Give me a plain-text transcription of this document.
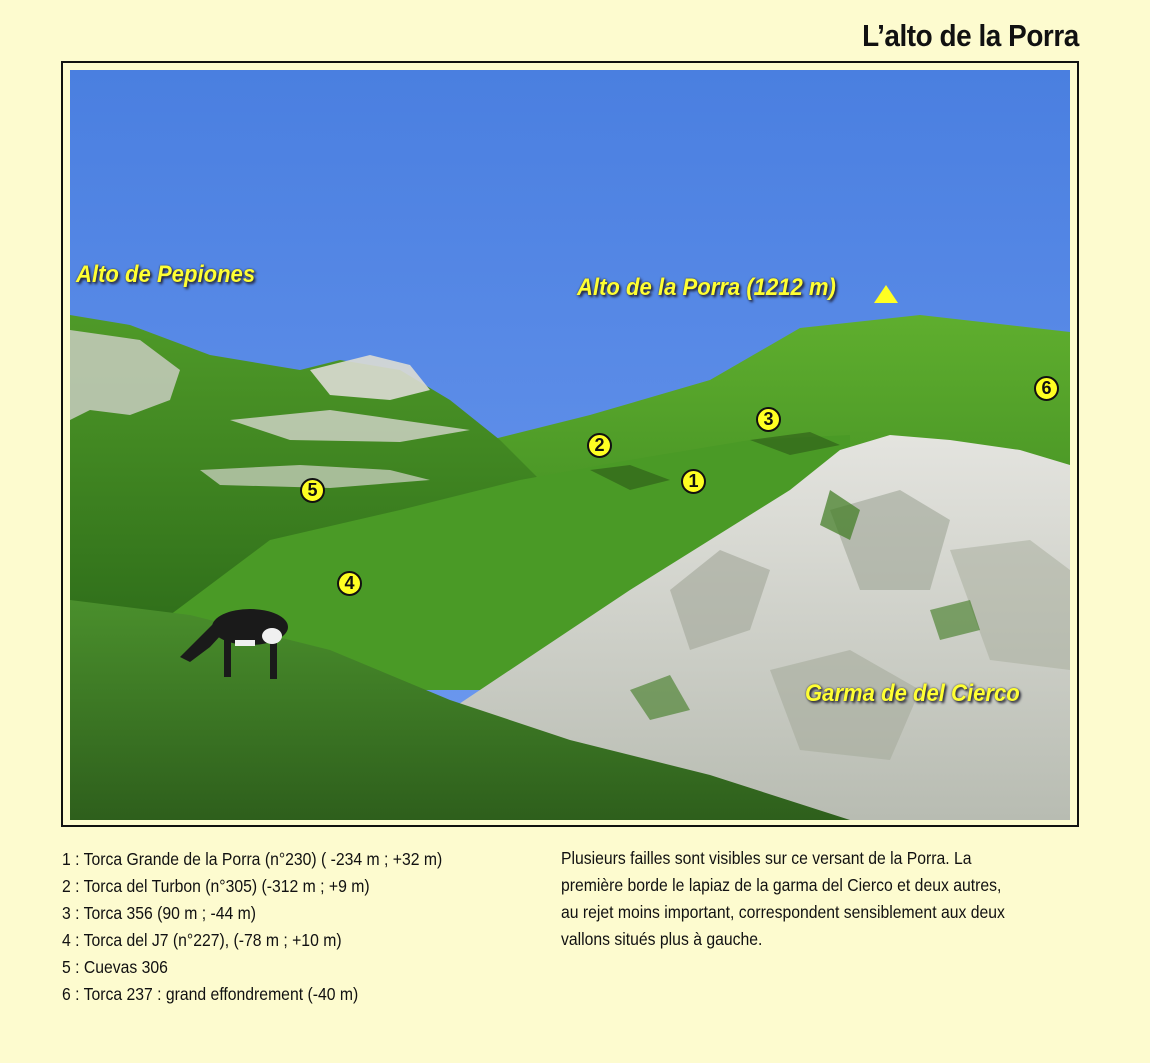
L’alto de la Porra
Alto de Pepiones	Alto de la Porra (1212 m)
Garma de del Cierco
1
2
3
4
5
6
1 : Torca Grande de la Porra (n°230) ( -234 m ; +32 m)
2 : Torca del Turbon (n°305) (-312 m ; +9 m)
3 : Torca 356 (90 m ; -44 m)
4 : Torca del J7 (n°227), (-78 m ; +10 m)
5 : Cuevas 306
6 : Torca 237 : grand effondrement (-40 m)
Plusieurs failles sont visibles sur ce versant de la Porra. La
première borde le lapiaz de la garma del Cierco et deux autres,
au rejet moins important, correspondent sensiblement aux deux
vallons situés plus à gauche.
